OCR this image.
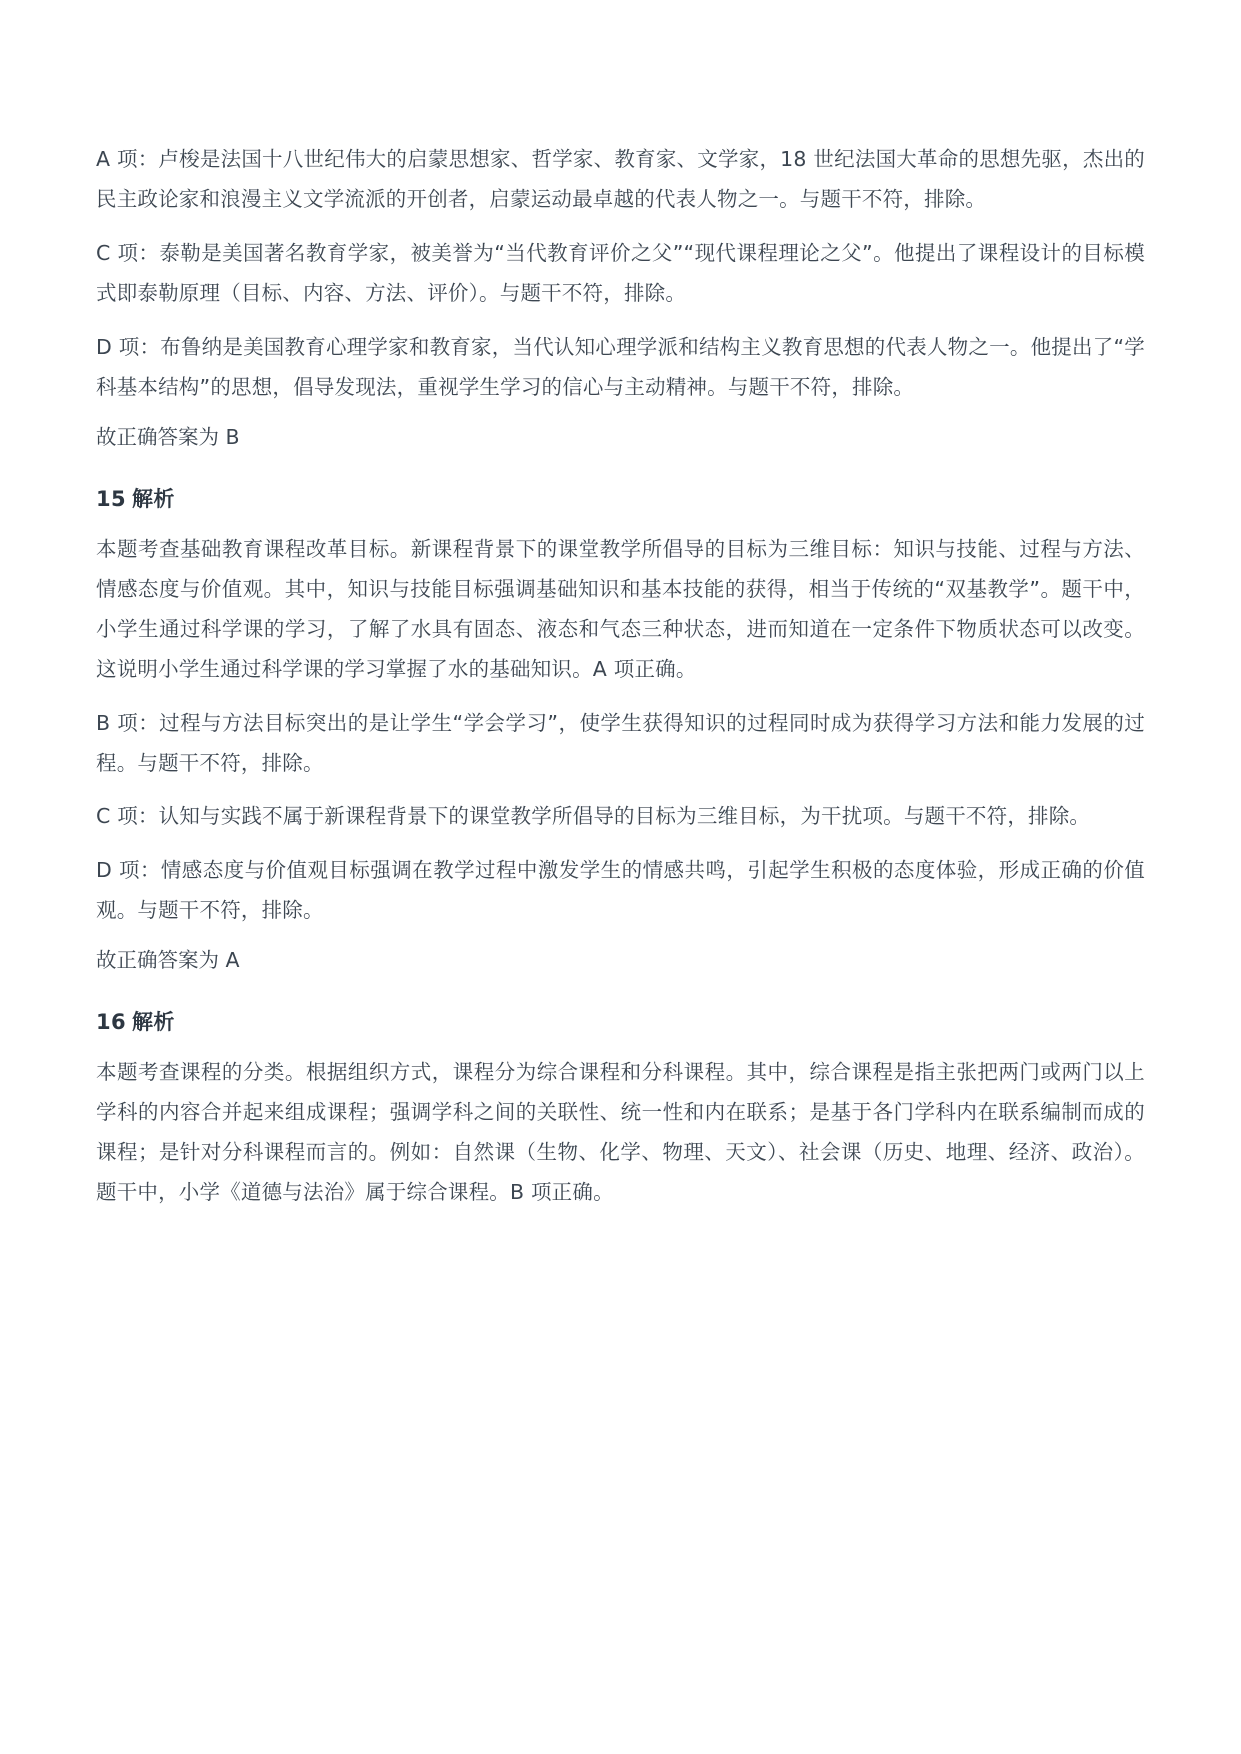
A 项：卢梭是法国十八世纪伟大的启蒙思想家、哲学家、教育家、文学家，18 世纪法国大革命的思想先驱，杰出的民主政论家和浪漫主义文学流派的开创者，启蒙运动最卓越的代表人物之一。与题干不符，排除。

C 项：泰勒是美国著名教育学家，被美誉为“当代教育评价之父”“现代课程理论之父”。他提出了课程设计的目标模式即泰勒原理（目标、内容、方法、评价）。与题干不符，排除。

D 项：布鲁纳是美国教育心理学家和教育家，当代认知心理学派和结构主义教育思想的代表人物之一。他提出了“学科基本结构”的思想，倡导发现法，重视学生学习的信心与主动精神。与题干不符，排除。

故正确答案为 B

15 解析

本题考查基础教育课程改革目标。新课程背景下的课堂教学所倡导的目标为三维目标：知识与技能、过程与方法、情感态度与价值观。其中，知识与技能目标强调基础知识和基本技能的获得，相当于传统的“双基教学”。题干中，小学生通过科学课的学习，了解了水具有固态、液态和气态三种状态，进而知道在一定条件下物质状态可以改变。这说明小学生通过科学课的学习掌握了水的基础知识。A 项正确。

B 项：过程与方法目标突出的是让学生“学会学习”，使学生获得知识的过程同时成为获得学习方法和能力发展的过程。与题干不符，排除。

C 项：认知与实践不属于新课程背景下的课堂教学所倡导的目标为三维目标，为干扰项。与题干不符，排除。

D 项：情感态度与价值观目标强调在教学过程中激发学生的情感共鸣，引起学生积极的态度体验，形成正确的价值观。与题干不符，排除。

故正确答案为 A

16 解析

本题考查课程的分类。根据组织方式，课程分为综合课程和分科课程。其中，综合课程是指主张把两门或两门以上学科的内容合并起来组成课程；强调学科之间的关联性、统一性和内在联系；是基于各门学科内在联系编制而成的课程；是针对分科课程而言的。例如：自然课（生物、化学、物理、天文）、社会课（历史、地理、经济、政治）。题干中，小学《道德与法治》属于综合课程。B 项正确。
